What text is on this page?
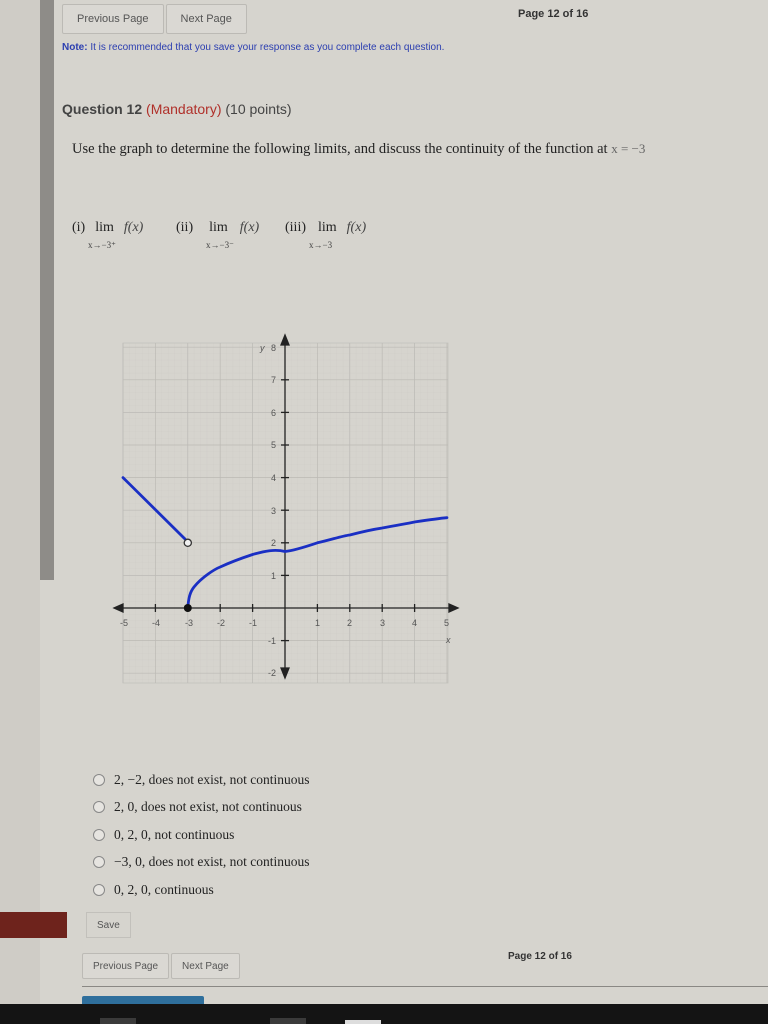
Previous Page	Next Page	Page 12 of 16
Note: It is recommended that you save your response as you complete each question.
Question 12 (Mandatory) (10 points)
Use the graph to determine the following limits, and discuss the continuity of the function at x = −3
(i) lim f(x)
x→−3⁺
(ii) lim f(x)
x→−3⁻
(iii) lim f(x)
x→−3
-5	-4	-3	-2	-1	1	2	3	4	5
8
7
6
5
4
3
2
1
-1
-2
x
y
2, −2, does not exist, not continuous
2, 0, does not exist, not continuous
0, 2, 0, not continuous
−3, 0, does not exist, not continuous
0, 2, 0, continuous
Save
Previous Page	Next Page
Page 12 of 16
